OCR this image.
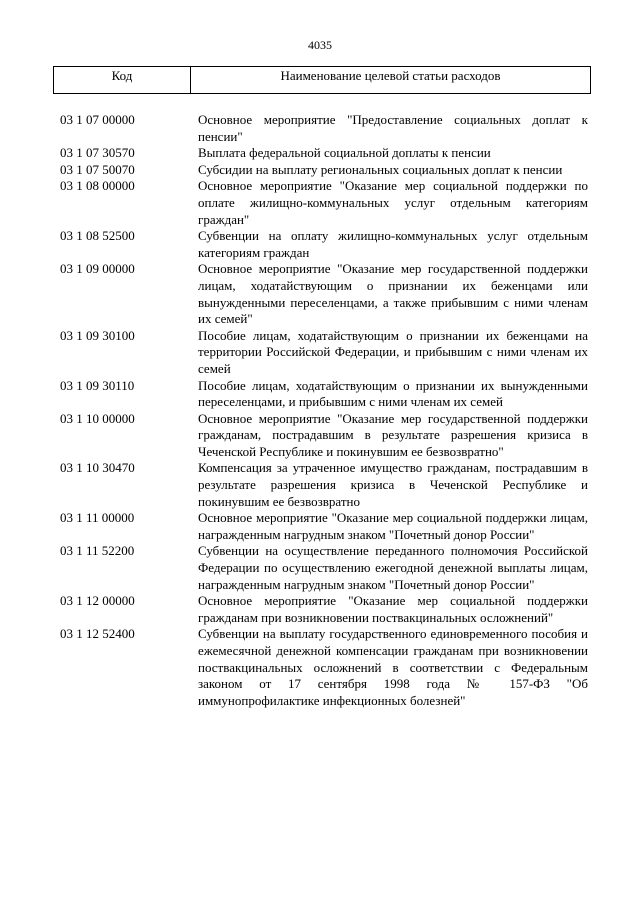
4035
Код	Наименование целевой статьи расходов
03 1 07 00000	Основное мероприятие "Предоставление социальных доплат к пенсии"
03 1 07 30570	Выплата федеральной социальной доплаты к пенсии
03 1 07 50070	Субсидии на выплату региональных социальных доплат к пенсии
03 1 08 00000	Основное мероприятие "Оказание мер социальной поддержки по оплате жилищно-коммунальных услуг отдельным категориям граждан"
03 1 08 52500	Субвенции на оплату жилищно-коммунальных услуг отдельным категориям граждан
03 1 09 00000	Основное мероприятие "Оказание мер государственной поддержки лицам, ходатайствующим о признании их беженцами или вынужденными переселенцами, а также прибывшим с ними членам их семей"
03 1 09 30100	Пособие лицам, ходатайствующим о признании их беженцами на территории Российской Федерации, и прибывшим с ними членам их семей
03 1 09 30110	Пособие лицам, ходатайствующим о признании их вынужденными переселенцами, и прибывшим с ними членам их семей
03 1 10 00000	Основное мероприятие "Оказание мер государственной поддержки гражданам, пострадавшим в результате разрешения кризиса в Чеченской Республике и покинувшим ее безвозвратно"
03 1 10 30470	Компенсация за утраченное имущество гражданам, пострадавшим в результате разрешения кризиса в Чеченской Республике и покинувшим ее безвозвратно
03 1 11 00000	Основное мероприятие "Оказание мер социальной поддержки лицам, награжденным нагрудным знаком "Почетный донор России"
03 1 11 52200	Субвенции на осуществление переданного полномочия Российской Федерации по осуществлению ежегодной денежной выплаты лицам, награжденным нагрудным знаком "Почетный донор России"
03 1 12 00000	Основное мероприятие "Оказание мер социальной поддержки гражданам при возникновении поствакцинальных осложнений"
03 1 12 52400	Субвенции на выплату государственного единовременного пособия и ежемесячной денежной компенсации гражданам при возникновении поствакцинальных осложнений в соответствии с Федеральным законом от 17 сентября 1998 года № 157-ФЗ "Об иммунопрофилактике инфекционных болезней"
